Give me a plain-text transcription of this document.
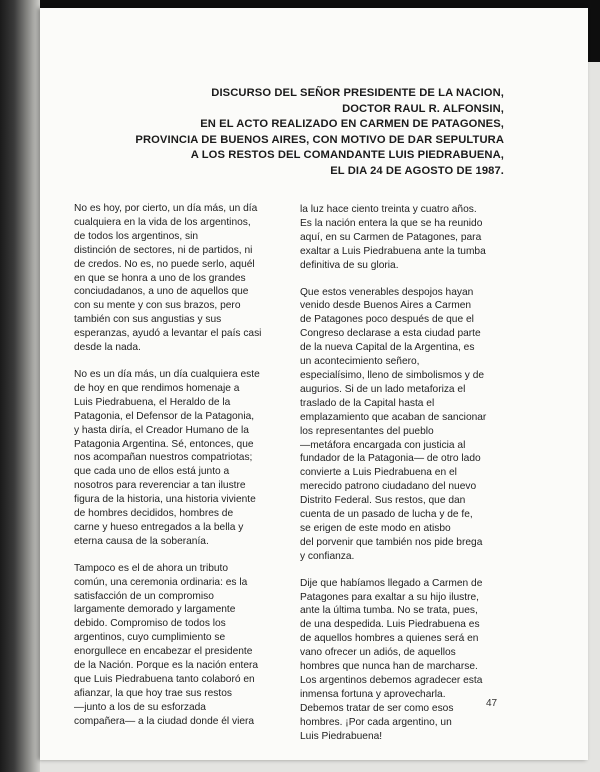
DISCURSO DEL SEÑOR PRESIDENTE DE LA NACION,
DOCTOR RAUL R. ALFONSIN,
EN EL ACTO REALIZADO EN CARMEN DE PATAGONES,
PROVINCIA DE BUENOS AIRES, CON MOTIVO DE DAR SEPULTURA
A LOS RESTOS DEL COMANDANTE LUIS PIEDRABUENA,
EL DIA 24 DE AGOSTO DE 1987.
No es hoy, por cierto, un día más, un día
cualquiera en la vida de los argentinos,
de todos los argentinos, sin
distinción de sectores, ni de partidos, ni
de credos. No es, no puede serlo, aquél
en que se honra a uno de los grandes
conciudadanos, a uno de aquellos que
con su mente y con sus brazos, pero
también con sus angustias y sus
esperanzas, ayudó a levantar el país casi
desde la nada.
No es un día más, un día cualquiera este
de hoy en que rendimos homenaje a
Luis Piedrabuena, el Heraldo de la
Patagonia, el Defensor de la Patagonia,
y hasta diría, el Creador Humano de la
Patagonia Argentina. Sé, entonces, que
nos acompañan nuestros compatriotas;
que cada uno de ellos está junto a
nosotros para reverenciar a tan ilustre
figura de la historia, una historia viviente
de hombres decididos, hombres de
carne y hueso entregados a la bella y
eterna causa de la soberanía.
Tampoco es el de ahora un tributo
común, una ceremonia ordinaria: es la
satisfacción de un compromiso
largamente demorado y largamente
debido. Compromiso de todos los
argentinos, cuyo cumplimiento se
enorgullece en encabezar el presidente
de la Nación. Porque es la nación entera
que Luis Piedrabuena tanto colaboró en
afianzar, la que hoy trae sus restos
—junto a los de su esforzada
compañera— a la ciudad donde él viera
la luz hace ciento treinta y cuatro años.
Es la nación entera la que se ha reunido
aquí, en su Carmen de Patagones, para
exaltar a Luis Piedrabuena ante la tumba
definitiva de su gloria.
Que estos venerables despojos hayan
venido desde Buenos Aires a Carmen
de Patagones poco después de que el
Congreso declarase a esta ciudad parte
de la nueva Capital de la Argentina, es
un acontecimiento señero,
especialísimo, lleno de simbolismos y de
augurios. Si de un lado metaforiza el
traslado de la Capital hasta el
emplazamiento que acaban de sancionar
los representantes del pueblo
—metáfora encargada con justicia al
fundador de la Patagonia— de otro lado
convierte a Luis Piedrabuena en el
merecido patrono ciudadano del nuevo
Distrito Federal. Sus restos, que dan
cuenta de un pasado de lucha y de fe,
se erigen de este modo en atisbo
del porvenir que también nos pide brega
y confianza.
Dije que habíamos llegado a Carmen de
Patagones para exaltar a su hijo ilustre,
ante la última tumba. No se trata, pues,
de una despedida. Luis Piedrabuena es
de aquellos hombres a quienes será en
vano ofrecer un adiós, de aquellos
hombres que nunca han de marcharse.
Los argentinos debemos agradecer esta
inmensa fortuna y aprovecharla.
Debemos tratar de ser como esos
hombres. ¡Por cada argentino, un
Luis Piedrabuena!
47
